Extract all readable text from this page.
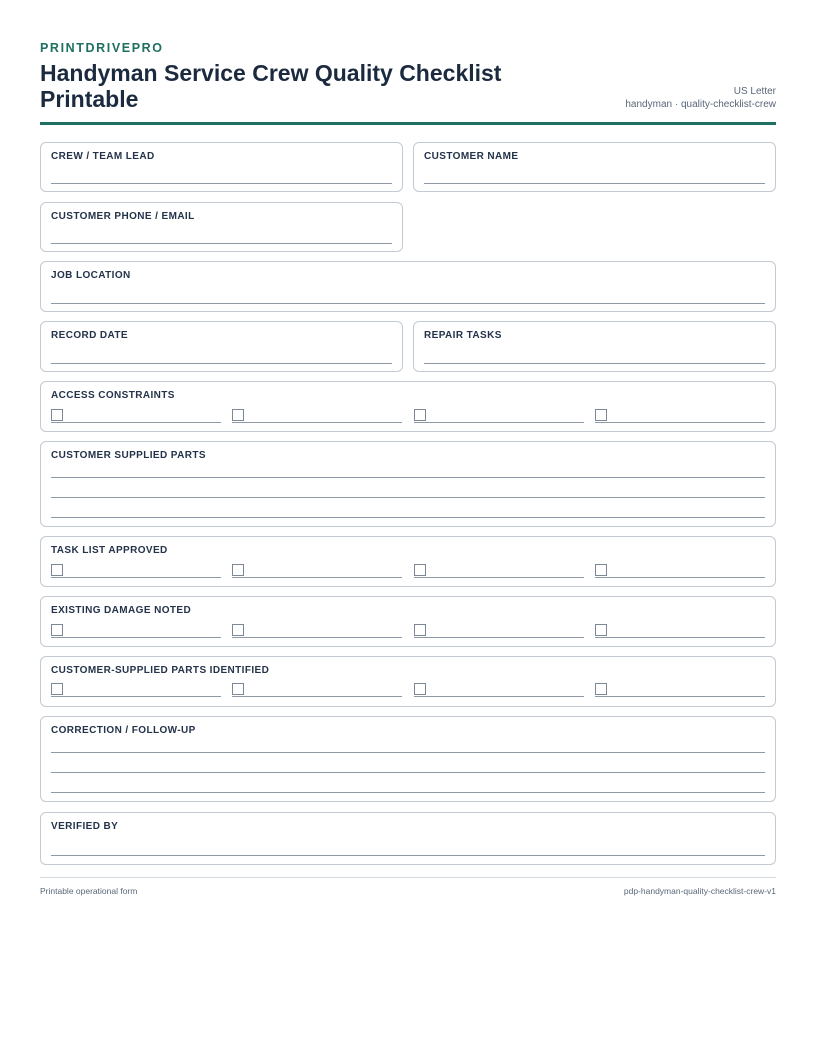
PRINTDRIVEPRO
Handyman Service Crew Quality Checklist Printable	US Letter
handyman · quality-checklist-crew
CREW / TEAM LEAD	CUSTOMER NAME
CUSTOMER PHONE / EMAIL
JOB LOCATION
RECORD DATE	REPAIR TASKS
ACCESS CONSTRAINTS
CUSTOMER SUPPLIED PARTS
TASK LIST APPROVED
EXISTING DAMAGE NOTED
CUSTOMER-SUPPLIED PARTS IDENTIFIED
CORRECTION / FOLLOW-UP
VERIFIED BY
Printable operational form	pdp-handyman-quality-checklist-crew-v1
